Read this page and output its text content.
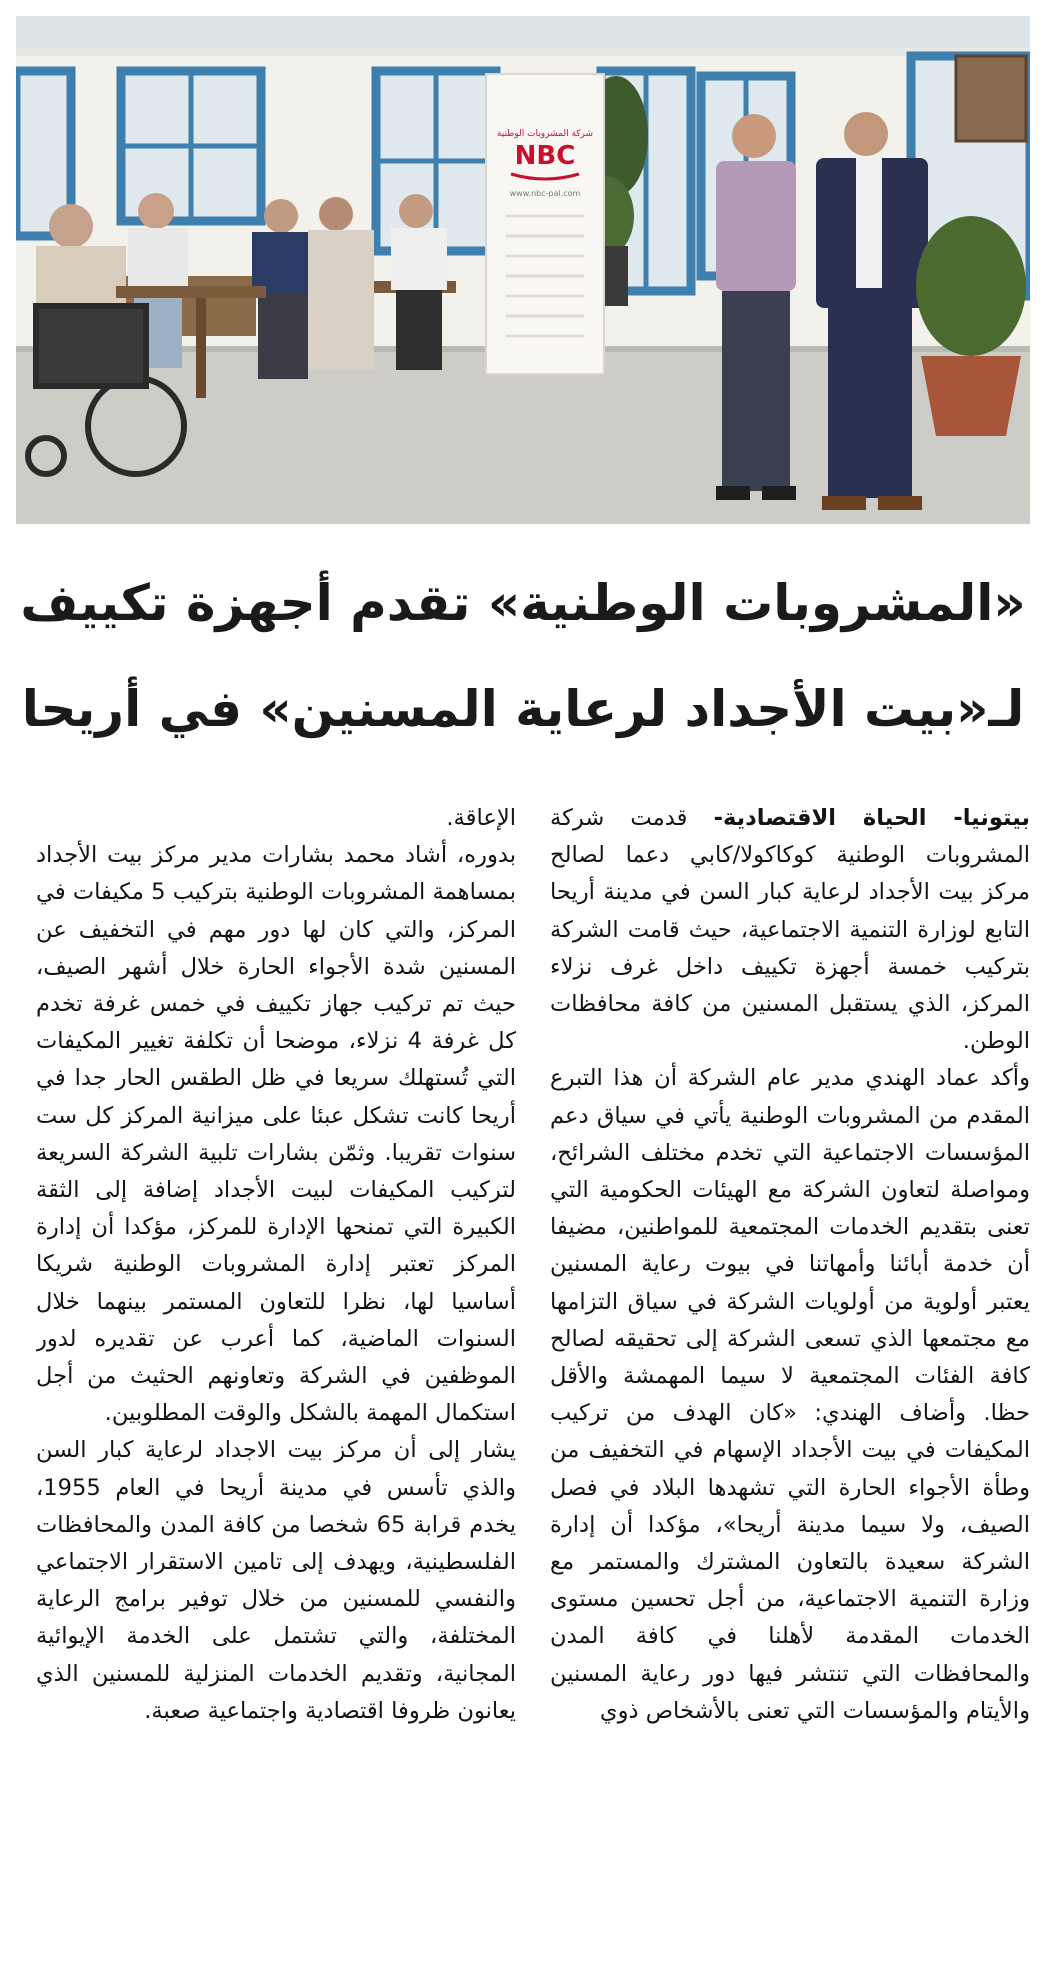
شركة المشروبات الوطنية
NBC
www.nbc-pal.com
«المشروبات الوطنية» تقدم أجهزة تكييف
لـ«بيت الأجداد لرعاية المسنين» في أريحا

بيتونيا- الحياة الاقتصادية- قدمت شركة المشروبات الوطنية كوكاكولا/كابي دعما لصالح مركز بيت الأجداد لرعاية كبار السن في مدينة أريحا التابع لوزارة التنمية الاجتماعية، حيث قامت الشركة بتركيب خمسة أجهزة تكييف داخل غرف نزلاء المركز، الذي يستقبل المسنين من كافة محافظات الوطن.

وأكد عماد الهندي مدير عام الشركة أن هذا التبرع المقدم من المشروبات الوطنية يأتي في سياق دعم المؤسسات الاجتماعية التي تخدم مختلف الشرائح، ومواصلة لتعاون الشركة مع الهيئات الحكومية التي تعنى بتقديم الخدمات المجتمعية للمواطنين، مضيفا أن خدمة أبائنا وأمهاتنا في بيوت رعاية المسنين يعتبر أولوية من أولويات الشركة في سياق التزامها مع مجتمعها الذي تسعى الشركة إلى تحقيقه لصالح كافة الفئات المجتمعية لا سيما المهمشة والأقل حظا. وأضاف الهندي: «كان الهدف من تركيب المكيفات في بيت الأجداد الإسهام في التخفيف من وطأة الأجواء الحارة التي تشهدها البلاد في فصل الصيف، ولا سيما مدينة أريحا»، مؤكدا أن إدارة الشركة سعيدة بالتعاون المشترك والمستمر مع وزارة التنمية الاجتماعية، من أجل تحسين مستوى الخدمات المقدمة لأهلنا في كافة المدن والمحافظات التي تنتشر فيها دور رعاية المسنين والأيتام والمؤسسات التي تعنى بالأشخاص ذوي

الإعاقة.

بدوره، أشاد محمد بشارات مدير مركز بيت الأجداد بمساهمة المشروبات الوطنية بتركيب 5 مكيفات في المركز، والتي كان لها دور مهم في التخفيف عن المسنين شدة الأجواء الحارة خلال أشهر الصيف، حيث تم تركيب جهاز تكييف في خمس غرفة تخدم كل غرفة 4 نزلاء، موضحا أن تكلفة تغيير المكيفات التي تُستهلك سريعا في ظل الطقس الحار جدا في أريحا كانت تشكل عبئا على ميزانية المركز كل ست سنوات تقريبا. وثمّن بشارات تلبية الشركة السريعة لتركيب المكيفات لبيت الأجداد إضافة إلى الثقة الكبيرة التي تمنحها الإدارة للمركز، مؤكدا أن إدارة المركز تعتبر إدارة المشروبات الوطنية شريكا أساسيا لها، نظرا للتعاون المستمر بينهما خلال السنوات الماضية، كما أعرب عن تقديره لدور الموظفين في الشركة وتعاونهم الحثيث من أجل استكمال المهمة بالشكل والوقت المطلوبين.

يشار إلى أن مركز بيت الاجداد لرعاية كبار السن والذي تأسس في مدينة أريحا في العام 1955، يخدم قرابة 65 شخصا من كافة المدن والمحافظات الفلسطينية، ويهدف إلى تامين الاستقرار الاجتماعي والنفسي للمسنين من خلال توفير برامج الرعاية المختلفة، والتي تشتمل على الخدمة الإيوائية المجانية، وتقديم الخدمات المنزلية للمسنين الذي يعانون ظروفا اقتصادية واجتماعية صعبة.
